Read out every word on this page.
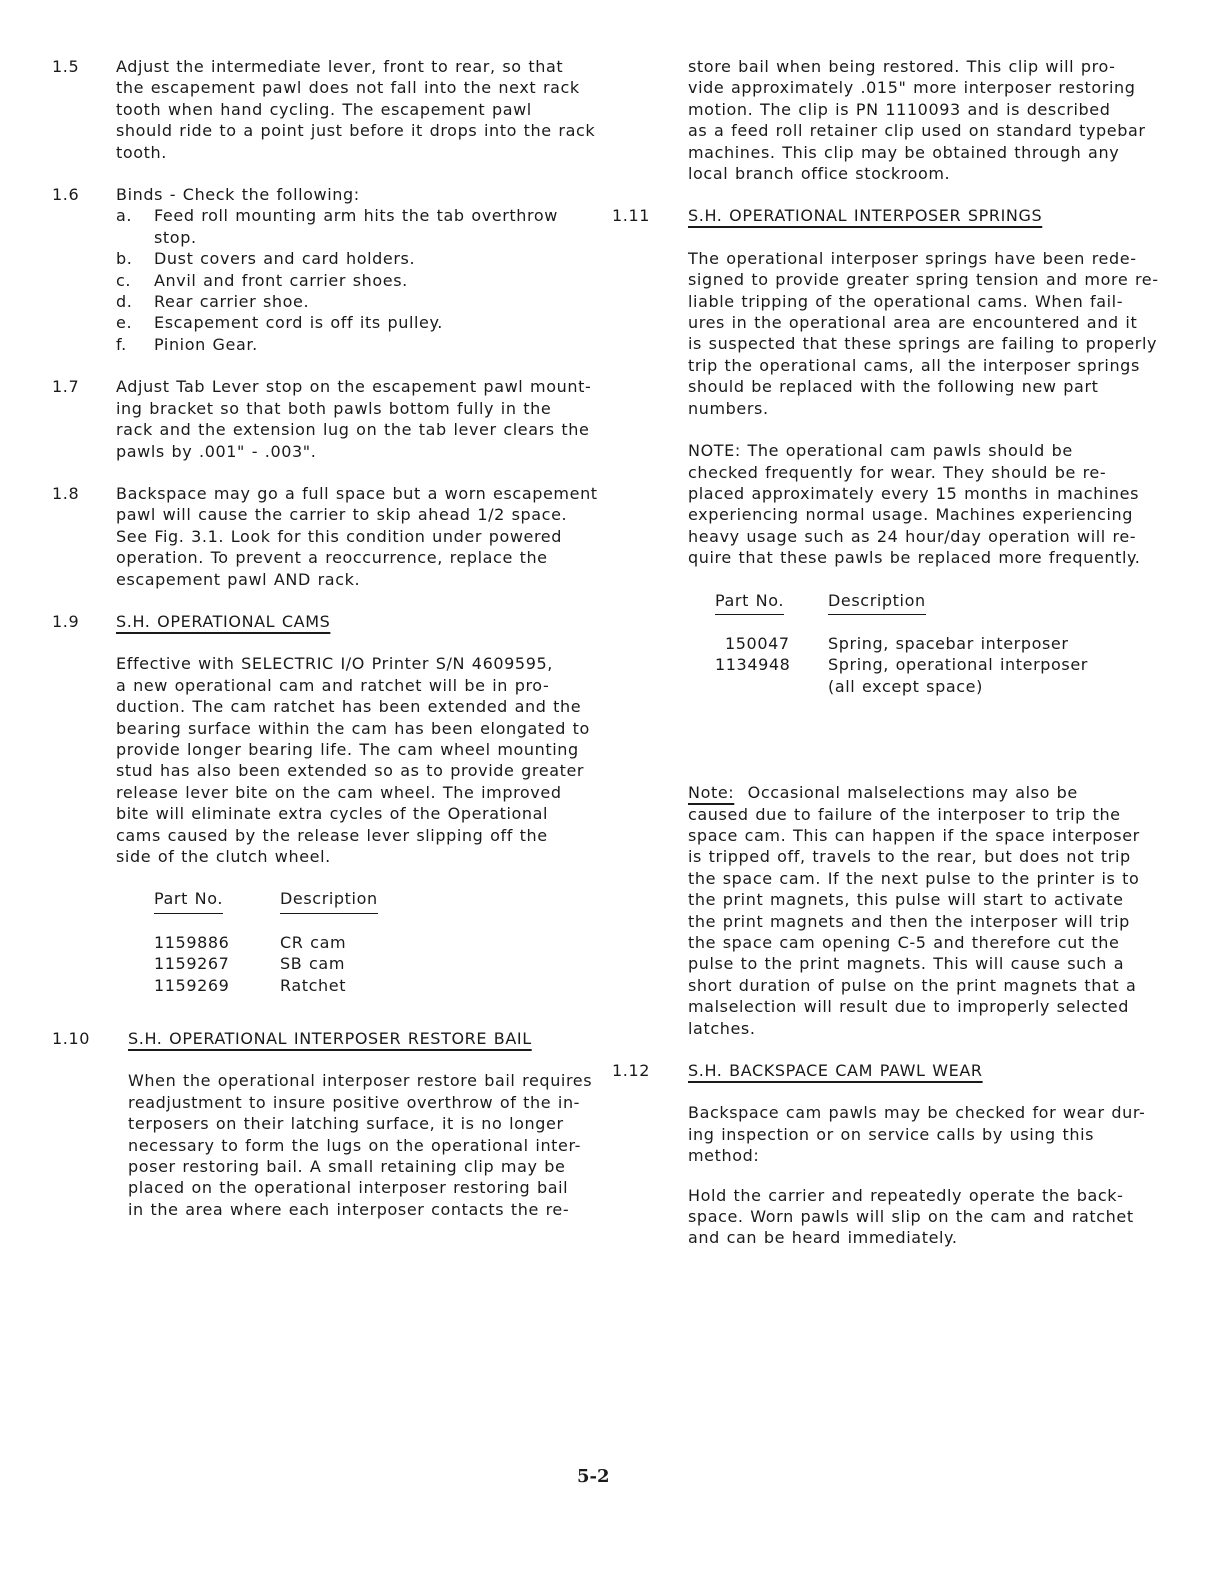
1.5 Adjust the intermediate lever, front to rear, so that
the escapement pawl does not fall into the next rack
tooth when hand cycling. The escapement pawl
should ride to a point just before it drops into the rack
tooth.
1.6 Binds - Check the following:
a.	Feed roll mounting arm hits the tab overthrow
stop.
b.	Dust covers and card holders.
c.	Anvil and front carrier shoes.
d.	Rear carrier shoe.
e.	Escapement cord is off its pulley.
f.	Pinion Gear.
1.7 Adjust Tab Lever stop on the escapement pawl mount-
ing bracket so that both pawls bottom fully in the
rack and the extension lug on the tab lever clears the
pawls by .001" - .003".
1.8 Backspace may go a full space but a worn escapement
pawl will cause the carrier to skip ahead 1/2 space.
See Fig. 3.1. Look for this condition under powered
operation. To prevent a reoccurrence, replace the
escapement pawl AND rack.
1.9 S.H. OPERATIONAL CAMS
Effective with SELECTRIC I/O Printer S/N 4609595,
a new operational cam and ratchet will be in pro-
duction. The cam ratchet has been extended and the
bearing surface within the cam has been elongated to
provide longer bearing life. The cam wheel mounting
stud has also been extended so as to provide greater
release lever bite on the cam wheel. The improved
bite will eliminate extra cycles of the Operational
cams caused by the release lever slipping off the
side of the clutch wheel.
Part No.	Description

1159886	CR cam
1159267	SB cam
1159269	Ratchet
1.10 S.H. OPERATIONAL INTERPOSER RESTORE BAIL
When the operational interposer restore bail requires
readjustment to insure positive overthrow of the in-
terposers on their latching surface, it is no longer
necessary to form the lugs on the operational inter-
poser restoring bail. A small retaining clip may be
placed on the operational interposer restoring bail
in the area where each interposer contacts the re-
store bail when being restored. This clip will pro-
vide approximately .015" more interposer restoring
motion. The clip is PN 1110093 and is described
as a feed roll retainer clip used on standard typebar
machines. This clip may be obtained through any
local branch office stockroom.
1.11 S.H. OPERATIONAL INTERPOSER SPRINGS
The operational interposer springs have been rede-
signed to provide greater spring tension and more re-
liable tripping of the operational cams. When fail-
ures in the operational area are encountered and it
is suspected that these springs are failing to properly
trip the operational cams, all the interposer springs
should be replaced with the following new part
numbers.
NOTE: The operational cam pawls should be
checked frequently for wear. They should be re-
placed approximately every 15 months in machines
experiencing normal usage. Machines experiencing
heavy usage such as 24 hour/day operation will re-
quire that these pawls be replaced more frequently.
Part No.	Description

150047	Spring, spacebar interposer
1134948	Spring, operational interposer
	(all except space)
Note: Occasional malselections may also be
caused due to failure of the interposer to trip the
space cam. This can happen if the space interposer
is tripped off, travels to the rear, but does not trip
the space cam. If the next pulse to the printer is to
the print magnets, this pulse will start to activate
the print magnets and then the interposer will trip
the space cam opening C-5 and therefore cut the
pulse to the print magnets. This will cause such a
short duration of pulse on the print magnets that a
malselection will result due to improperly selected
latches.
1.12 S.H. BACKSPACE CAM PAWL WEAR
Backspace cam pawls may be checked for wear dur-
ing inspection or on service calls by using this
method:
Hold the carrier and repeatedly operate the back-
space. Worn pawls will slip on the cam and ratchet
and can be heard immediately.
5-2
